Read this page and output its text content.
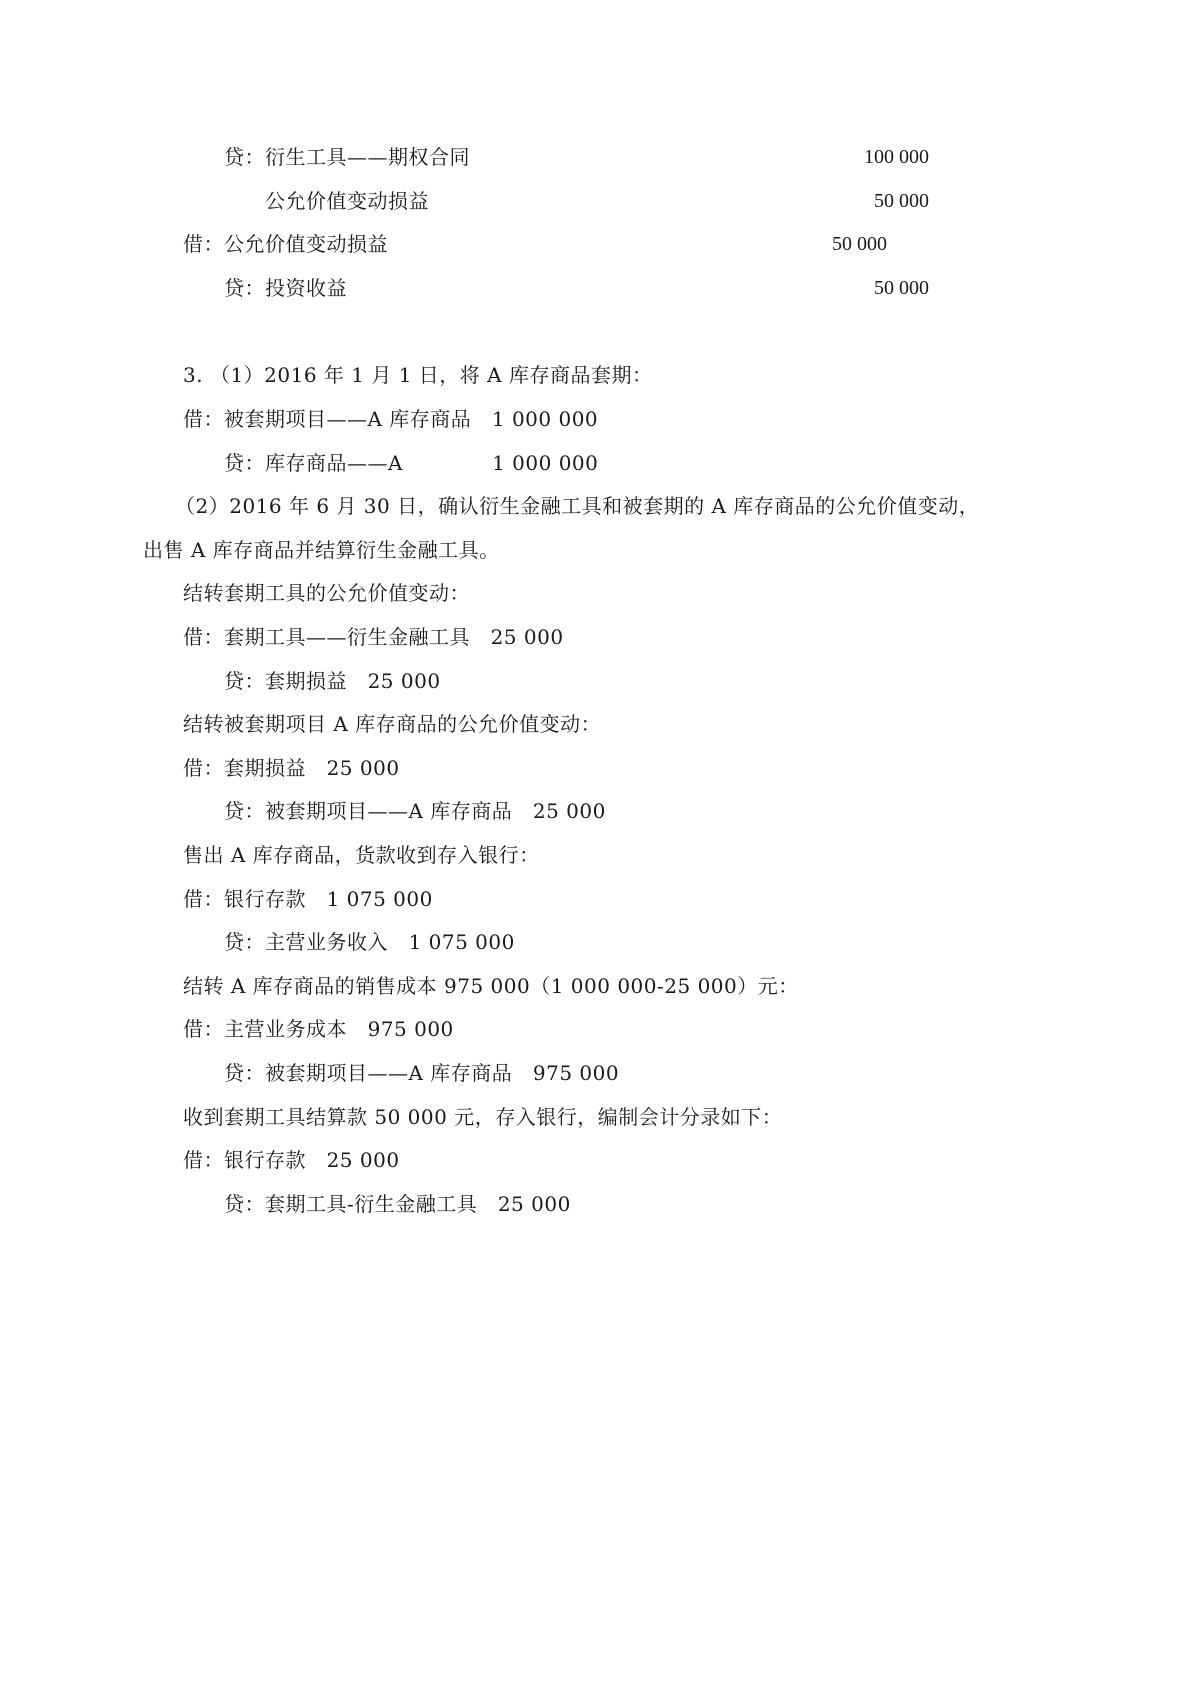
贷：衍生工具——期权合同	100 000
公允价值变动损益	50 000
借：公允价值变动损益	50 000
贷：投资收益	50 000
3. （1）2016 年 1 月 1 日，将 A 库存商品套期：
借：被套期项目——A 库存商品   1 000 000
贷：库存商品——A             1 000 000
（2）2016 年 6 月 30 日，确认衍生金融工具和被套期的 A 库存商品的公允价值变动，
出售 A 库存商品并结算衍生金融工具。
结转套期工具的公允价值变动：
借：套期工具——衍生金融工具   25 000
贷：套期损益   25 000
结转被套期项目 A 库存商品的公允价值变动：
借：套期损益   25 000
贷：被套期项目——A 库存商品   25 000
售出 A 库存商品，货款收到存入银行：
借：银行存款   1 075 000
贷：主营业务收入   1 075 000
结转 A 库存商品的销售成本 975 000（1 000 000-25 000）元：
借：主营业务成本   975 000
贷：被套期项目——A 库存商品   975 000
收到套期工具结算款 50 000 元，存入银行，编制会计分录如下：
借：银行存款   25 000
贷：套期工具-衍生金融工具   25 000
